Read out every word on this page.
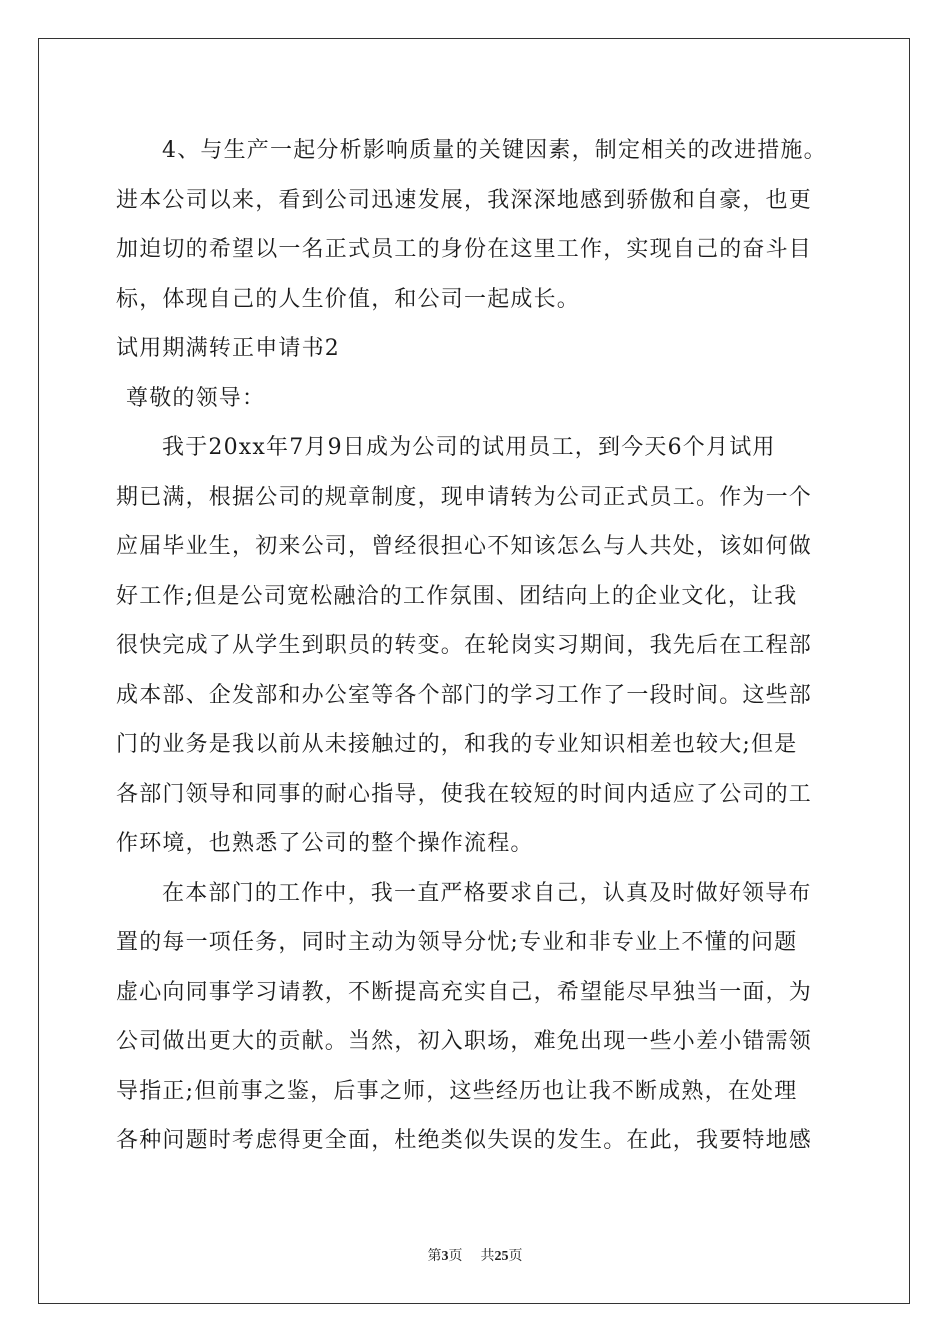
4、与生产一起分析影响质量的关键因素，制定相关的改进措施。
进本公司以来，看到公司迅速发展，我深深地感到骄傲和自豪，也更
加迫切的希望以一名正式员工的身份在这里工作，实现自己的奋斗目
标，体现自己的人生价值，和公司一起成长。
试用期满转正申请书2
尊敬的领导：
我于20xx年7月9日成为公司的试用员工，到今天6个月试用
期已满，根据公司的规章制度，现申请转为公司正式员工。作为一个
应届毕业生，初来公司，曾经很担心不知该怎么与人共处，该如何做
好工作;但是公司宽松融洽的工作氛围、团结向上的企业文化，让我
很快完成了从学生到职员的转变。在轮岗实习期间，我先后在工程部
成本部、企发部和办公室等各个部门的学习工作了一段时间。这些部
门的业务是我以前从未接触过的，和我的专业知识相差也较大;但是
各部门领导和同事的耐心指导，使我在较短的时间内适应了公司的工
作环境，也熟悉了公司的整个操作流程。
在本部门的工作中，我一直严格要求自己，认真及时做好领导布
置的每一项任务，同时主动为领导分忧;专业和非专业上不懂的问题
虚心向同事学习请教，不断提高充实自己，希望能尽早独当一面，为
公司做出更大的贡献。当然，初入职场，难免出现一些小差小错需领
导指正;但前事之鉴，后事之师，这些经历也让我不断成熟，在处理
各种问题时考虑得更全面，杜绝类似失误的发生。在此，我要特地感
第3页 共25页
